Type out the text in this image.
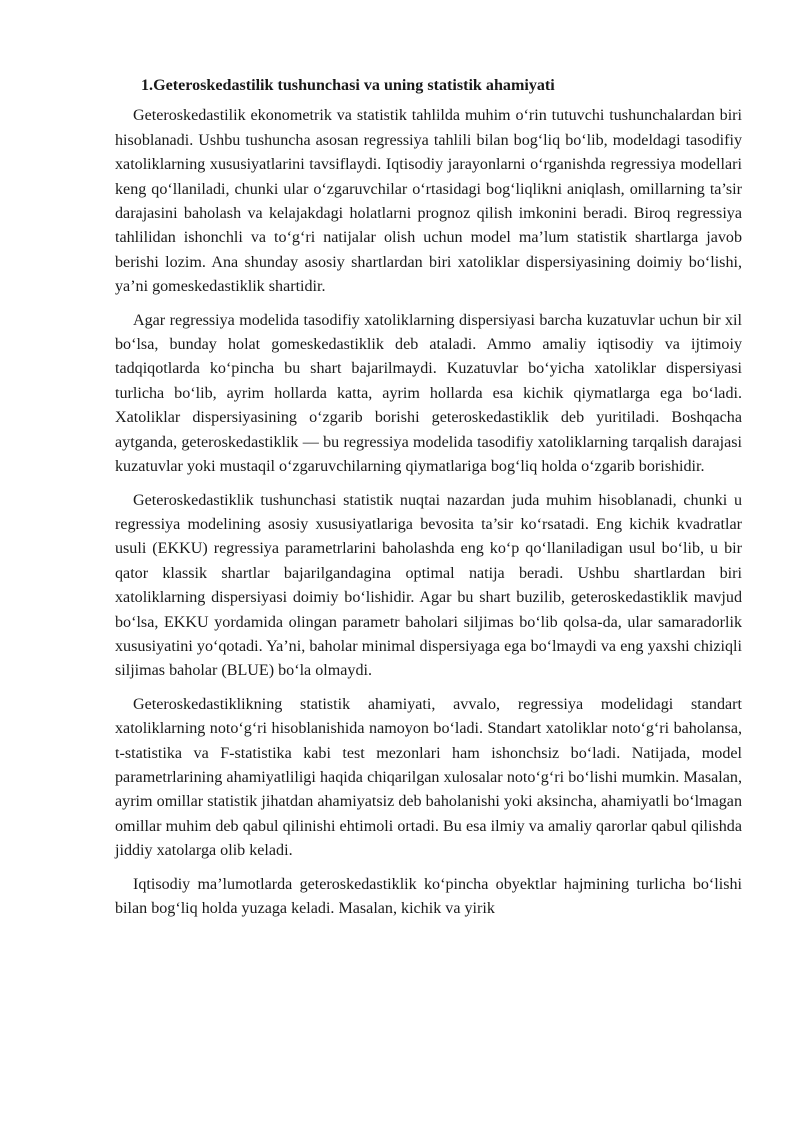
1.Geteroskedastilik tushunchasi va uning statistik ahamiyati

Geteroskedastilik ekonometrik va statistik tahlilda muhim o‘rin tutuvchi tushunchalardan biri hisoblanadi. Ushbu tushuncha asosan regressiya tahlili bilan bog‘liq bo‘lib, modeldagi tasodifiy xatoliklarning xususiyatlarini tavsiflaydi. Iqtisodiy jarayonlarni o‘rganishda regressiya modellari keng qo‘llaniladi, chunki ular o‘zgaruvchilar o‘rtasidagi bog‘liqlikni aniqlash, omillarning ta’sir darajasini baholash va kelajakdagi holatlarni prognoz qilish imkonini beradi. Biroq regressiya tahlilidan ishonchli va to‘g‘ri natijalar olish uchun model ma’lum statistik shartlarga javob berishi lozim. Ana shunday asosiy shartlardan biri xatoliklar dispersiyasining doimiy bo‘lishi, ya’ni gomeskedastiklik shartidir.

Agar regressiya modelida tasodifiy xatoliklarning dispersiyasi barcha kuzatuvlar uchun bir xil bo‘lsa, bunday holat gomeskedastiklik deb ataladi. Ammo amaliy iqtisodiy va ijtimoiy tadqiqotlarda ko‘pincha bu shart bajarilmaydi. Kuzatuvlar bo‘yicha xatoliklar dispersiyasi turlicha bo‘lib, ayrim hollarda katta, ayrim hollarda esa kichik qiymatlarga ega bo‘ladi. Xatoliklar dispersiyasining o‘zgarib borishi geteroskedastiklik deb yuritiladi. Boshqacha aytganda, geteroskedastiklik — bu regressiya modelida tasodifiy xatoliklarning tarqalish darajasi kuzatuvlar yoki mustaqil o‘zgaruvchilarning qiymatlariga bog‘liq holda o‘zgarib borishidir.

Geteroskedastiklik tushunchasi statistik nuqtai nazardan juda muhim hisoblanadi, chunki u regressiya modelining asosiy xususiyatlariga bevosita ta’sir ko‘rsatadi. Eng kichik kvadratlar usuli (EKKU) regressiya parametrlarini baholashda eng ko‘p qo‘llaniladigan usul bo‘lib, u bir qator klassik shartlar bajarilgandagina optimal natija beradi. Ushbu shartlardan biri xatoliklarning dispersiyasi doimiy bo‘lishidir. Agar bu shart buzilib, geteroskedastiklik mavjud bo‘lsa, EKKU yordamida olingan parametr baholari siljimas bo‘lib qolsa-da, ular samaradorlik xususiyatini yo‘qotadi. Ya’ni, baholar minimal dispersiyaga ega bo‘lmaydi va eng yaxshi chiziqli siljimas baholar (BLUE) bo‘la olmaydi.

Geteroskedastiklikning statistik ahamiyati, avvalo, regressiya modelidagi standart xatoliklarning noto‘g‘ri hisoblanishida namoyon bo‘ladi. Standart xatoliklar noto‘g‘ri baholansa, t-statistika va F-statistika kabi test mezonlari ham ishonchsiz bo‘ladi. Natijada, model parametrlarining ahamiyatliligi haqida chiqarilgan xulosalar noto‘g‘ri bo‘lishi mumkin. Masalan, ayrim omillar statistik jihatdan ahamiyatsiz deb baholanishi yoki aksincha, ahamiyatli bo‘lmagan omillar muhim deb qabul qilinishi ehtimoli ortadi. Bu esa ilmiy va amaliy qarorlar qabul qilishda jiddiy xatolarga olib keladi.

Iqtisodiy ma’lumotlarda geteroskedastiklik ko‘pincha obyektlar hajmining turlicha bo‘lishi bilan bog‘liq holda yuzaga keladi. Masalan, kichik va yirik
